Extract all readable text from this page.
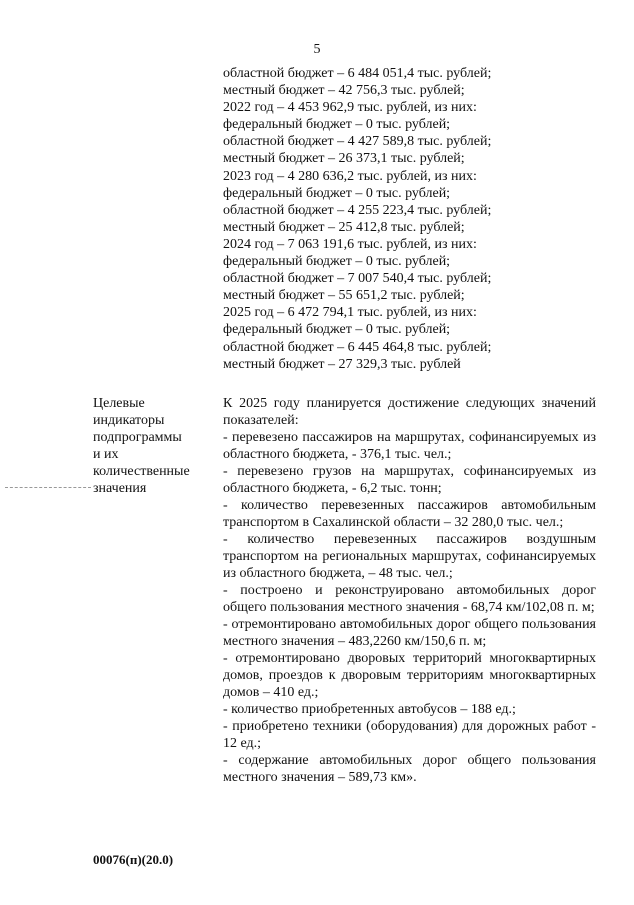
5
областной бюджет – 6 484 051,4 тыс. рублей;
местный бюджет – 42 756,3 тыс. рублей;
2022 год – 4 453 962,9 тыс. рублей, из них:
федеральный бюджет – 0 тыс. рублей;
областной бюджет – 4 427 589,8 тыс. рублей;
местный бюджет – 26 373,1 тыс. рублей;
2023 год – 4 280 636,2 тыс. рублей, из них:
федеральный бюджет – 0 тыс. рублей;
областной бюджет – 4 255 223,4 тыс. рублей;
местный бюджет – 25 412,8 тыс. рублей;
2024 год – 7 063 191,6 тыс. рублей, из них:
федеральный бюджет – 0 тыс. рублей;
областной бюджет – 7 007 540,4 тыс. рублей;
местный бюджет – 55 651,2 тыс. рублей;
2025 год – 6 472 794,1 тыс. рублей, из них:
федеральный бюджет – 0 тыс. рублей;
областной бюджет – 6 445 464,8 тыс. рублей;
местный бюджет – 27 329,3 тыс. рублей
Целевые
индикаторы
подпрограммы
и их
количественные
значения

К 2025 году планируется достижение следующих значений показателей:

- перевезено пассажиров на маршрутах, софинансируемых из областного бюджета, - 376,1 тыс. чел.;

- перевезено грузов на маршрутах, софинансируемых из областного бюджета, - 6,2 тыс. тонн;

- количество перевезенных пассажиров автомобильным транспортом в Сахалинской области – 32 280,0 тыс. чел.;

- количество перевезенных пассажиров воздушным транспортом на региональных маршрутах, софинансируемых из областного бюджета, – 48 тыс. чел.;

- построено и реконструировано автомобильных дорог общего пользования местного значения - 68,74 км/102,08 п. м;

- отремонтировано автомобильных дорог общего пользования местного значения – 483,2260 км/150,6 п. м;

- отремонтировано дворовых территорий многоквартирных домов, проездов к дворовым территориям многоквартирных домов – 410 ед.;

- количество приобретенных автобусов – 188 ед.;

- приобретено техники (оборудования) для дорожных работ - 12 ед.;

- содержание автомобильных дорог общего пользования местного значения – 589,73 км».

00076(п)(20.0)
